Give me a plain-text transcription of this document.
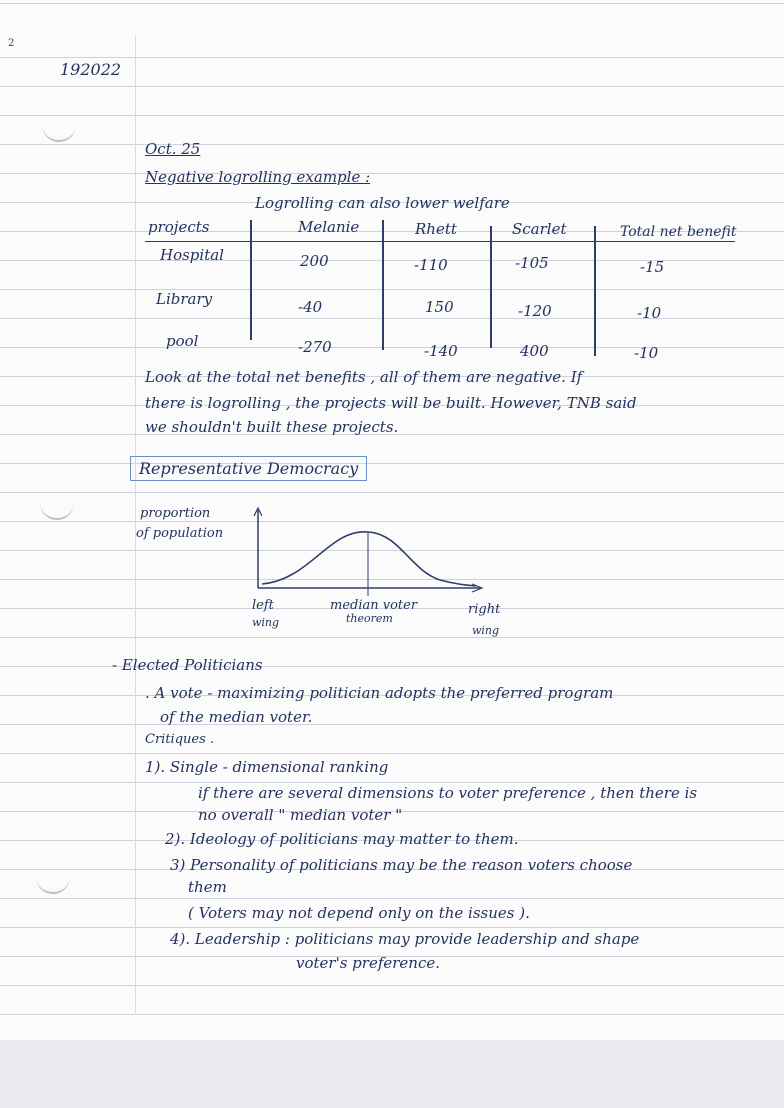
2
192022
Oct. 25
Negative logrolling example :
Logrolling can also lower welfare
projects	Melanie	Rhett	Scarlet	Total net benefit
Hospital	200	-110	-105	-15
Library	-40	150	-120	-10
pool	-270	-140	400	-10
Look at the total net benefits , all of them are negative. If
there is logrolling , the projects will be built. However, TNB said
we shouldn't built these projects.
Representative Democracy
proportion
of population
left
wing
median voter
theorem
right
wing
- Elected Politicians
. A vote - maximizing politician adopts the preferred program
of the median voter.
Critiques .
1). Single - dimensional ranking
if there are several dimensions to voter preference , then there is
no overall " median voter "
2). Ideology of politicians may matter to them.
3) Personality of politicians may be the reason voters choose
them
( Voters may not depend only on the issues ).
4). Leadership : politicians may provide leadership and shape
voter's preference.
